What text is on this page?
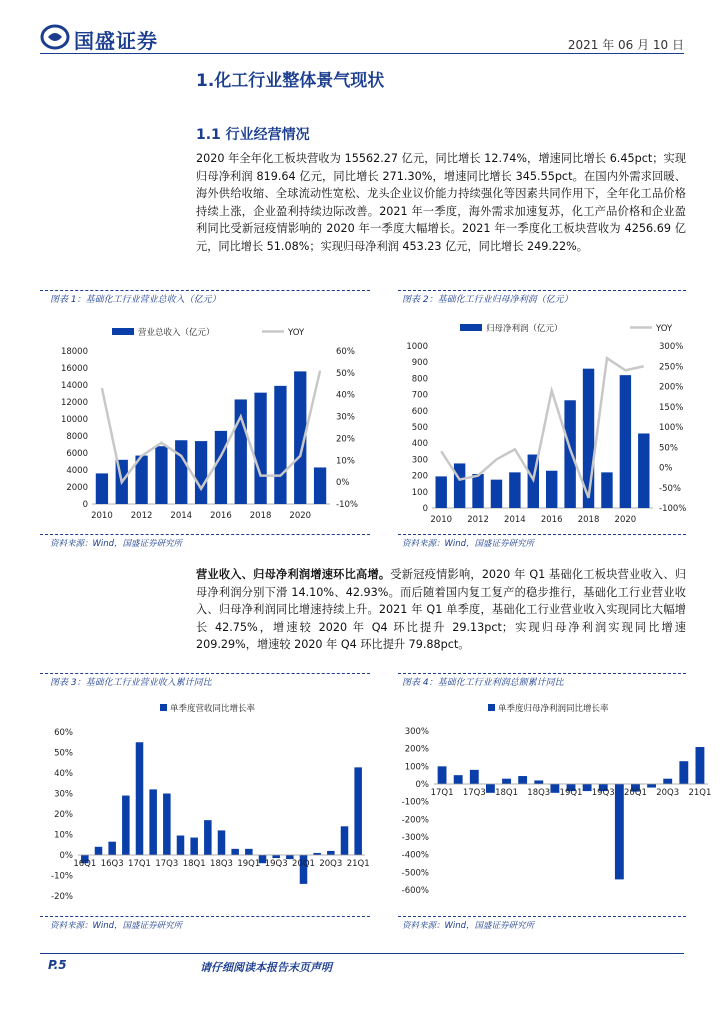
国盛证券	2021 年 06 月 10 日
1.化工行业整体景气现状
1.1 行业经营情况
2020 年全年化工板块营收为 15562.27 亿元，同比增长 12.74%，增速同比增长 6.45pct；实现归母净利润 819.64 亿元，同比增长 271.30%，增速同比增长 345.55pct。在国内外需求回暖、海外供给收缩、全球流动性宽松、龙头企业议价能力持续强化等因素共同作用下，全年化工品价格持续上涨，企业盈利持续边际改善。2021 年一季度，海外需求加速复苏，化工产品价格和企业盈利同比受新冠疫情影响的 2020 年一季度大幅增长。2021 年一季度化工板块营收为 4256.69 亿元，同比增长 51.08%；实现归母净利润 453.23 亿元，同比增长 249.22%。
图表 1：基础化工行业营业总收入（亿元）	图表 2：基础化工行业归母净利润（亿元）
营业总收入（亿元）	YOY
0
2000
4000
6000
8000
10000
12000
14000
16000
18000
-10%
0%
10%
20%
30%
40%
50%
60%
2010 2012 2014 2016 2018 2020
归母净利润（亿元）	YOY
0
100
200
300
400
500
600
700
800
900
1000
-100%
-50%
0%
50%
100%
150%
200%
250%
300%
2010 2012 2014 2016 2018 2020
资料来源：Wind，国盛证券研究所	资料来源：Wind，国盛证券研究所
营业收入、归母净利润增速环比高增。受新冠疫情影响，2020 年 Q1 基础化工板块营业收入、归母净利润分别下滑 14.10%、42.93%。而后随着国内复工复产的稳步推行，基础化工行业营业收入、归母净利润同比增速持续上升。2021 年 Q1 单季度，基础化工行业营业收入实现同比大幅增长 42.75%，增速较 2020 年 Q4 环比提升 29.13pct；实现归母净利润实现同比增速 209.29%，增速较 2020 年 Q4 环比提升 79.88pct。
图表 3：基础化工行业营业收入累计同比	图表 4：基础化工行业利润总额累计同比
单季度营收同比增长率
-20%
-10%
0%
10%
20%
30%
40%
50%
60%
16Q1 16Q3 17Q1 17Q3 18Q1 18Q3 19Q1 19Q3 20Q1 20Q3 21Q1
单季度归母净利润同比增长率
-600%
-500%
-400%
-300%
-200%
-100%
0%
100%
200%
300%
17Q1 17Q3 18Q1 18Q3 19Q1 19Q3 20Q1 20Q3 21Q1
资料来源：Wind，国盛证券研究所	资料来源：Wind，国盛证券研究所
P.5	请仔细阅读本报告末页声明
